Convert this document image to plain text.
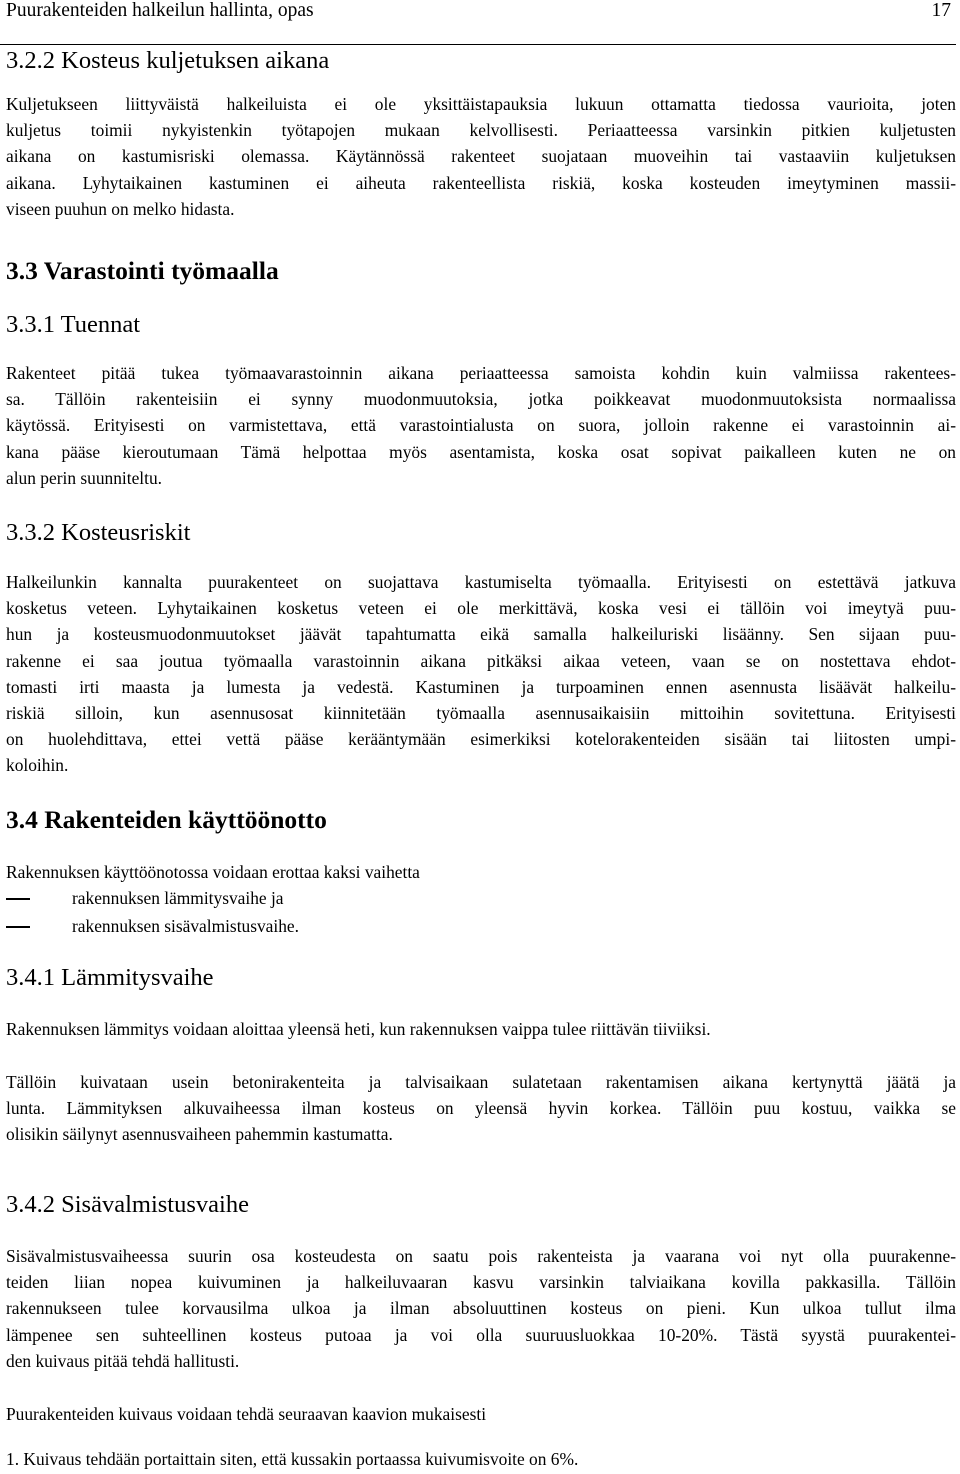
Puurakenteiden halkeilun hallinta, opas	17
3.2.2 Kosteus kuljetuksen aikana
Kuljetukseen liittyväistä halkeiluista ei ole yksittäistapauksia lukuun ottamatta tiedossa vaurioita, joten
kuljetus toimii nykyistenkin työtapojen mukaan kelvollisesti. Periaatteessa varsinkin pitkien kuljetusten
aikana on kastumisriski olemassa. Käytännössä rakenteet suojataan muoveihin tai vastaaviin kuljetuksen
aikana. Lyhytaikainen kastuminen ei aiheuta rakenteellista riskiä, koska kosteuden imeytyminen massii-
viseen puuhun on melko hidasta.
3.3 Varastointi työmaalla
3.3.1 Tuennat
Rakenteet pitää tukea työmaavarastoinnin aikana periaatteessa samoista kohdin kuin valmiissa rakentees-
sa. Tällöin rakenteisiin ei synny muodonmuutoksia, jotka poikkeavat muodonmuutoksista normaalissa
käytössä. Erityisesti on varmistettava, että varastointialusta on suora, jolloin rakenne ei varastoinnin ai-
kana pääse kieroutumaan Tämä helpottaa myös asentamista, koska osat sopivat paikalleen kuten ne on
alun perin suunniteltu.
3.3.2 Kosteusriskit
Halkeilunkin kannalta puurakenteet on suojattava kastumiselta työmaalla. Erityisesti on estettävä jatkuva
kosketus veteen. Lyhytaikainen kosketus veteen ei ole merkittävä, koska vesi ei tällöin voi imeytyä puu-
hun ja kosteusmuodonmuutokset jäävät tapahtumatta eikä samalla halkeiluriski lisäänny. Sen sijaan puu-
rakenne ei saa joutua työmaalla varastoinnin aikana pitkäksi aikaa veteen, vaan se on nostettava ehdot-
tomasti irti maasta ja lumesta ja vedestä. Kastuminen ja turpoaminen ennen asennusta lisäävät halkeilu-
riskiä silloin, kun asennusosat kiinnitetään työmaalla asennusaikaisiin mittoihin sovitettuna. Erityisesti
on huolehdittava, ettei vettä pääse kerääntymään esimerkiksi kotelorakenteiden sisään tai liitosten umpi-
koloihin.
3.4 Rakenteiden käyttöönotto
Rakennuksen käyttöönotossa voidaan erottaa kaksi vaihetta
rakennuksen lämmitysvaihe ja
rakennuksen sisävalmistusvaihe.
3.4.1 Lämmitysvaihe
Rakennuksen lämmitys voidaan aloittaa yleensä heti, kun rakennuksen vaippa tulee riittävän tiiviiksi.
Tällöin kuivataan usein betonirakenteita ja talvisaikaan sulatetaan rakentamisen aikana kertynyttä jäätä ja
lunta. Lämmityksen alkuvaiheessa ilman kosteus on yleensä hyvin korkea. Tällöin puu kostuu, vaikka se
olisikin säilynyt asennusvaiheen pahemmin kastumatta.
3.4.2 Sisävalmistusvaihe
Sisävalmistusvaiheessa suurin osa kosteudesta on saatu pois rakenteista ja vaarana voi nyt olla puurakenne-
teiden liian nopea kuivuminen ja halkeiluvaaran kasvu varsinkin talviaikana kovilla pakkasilla. Tällöin
rakennukseen tulee korvausilma ulkoa ja ilman absoluuttinen kosteus on pieni. Kun ulkoa tullut ilma
lämpenee sen suhteellinen kosteus putoaa ja voi olla suuruusluokkaa 10-20%. Tästä syystä puurakentei-
den kuivaus pitää tehdä hallitusti.
Puurakenteiden kuivaus voidaan tehdä seuraavan kaavion mukaisesti
1. Kuivaus tehdään portaittain siten, että kussakin portaassa kuivumisvoite on 6%.
